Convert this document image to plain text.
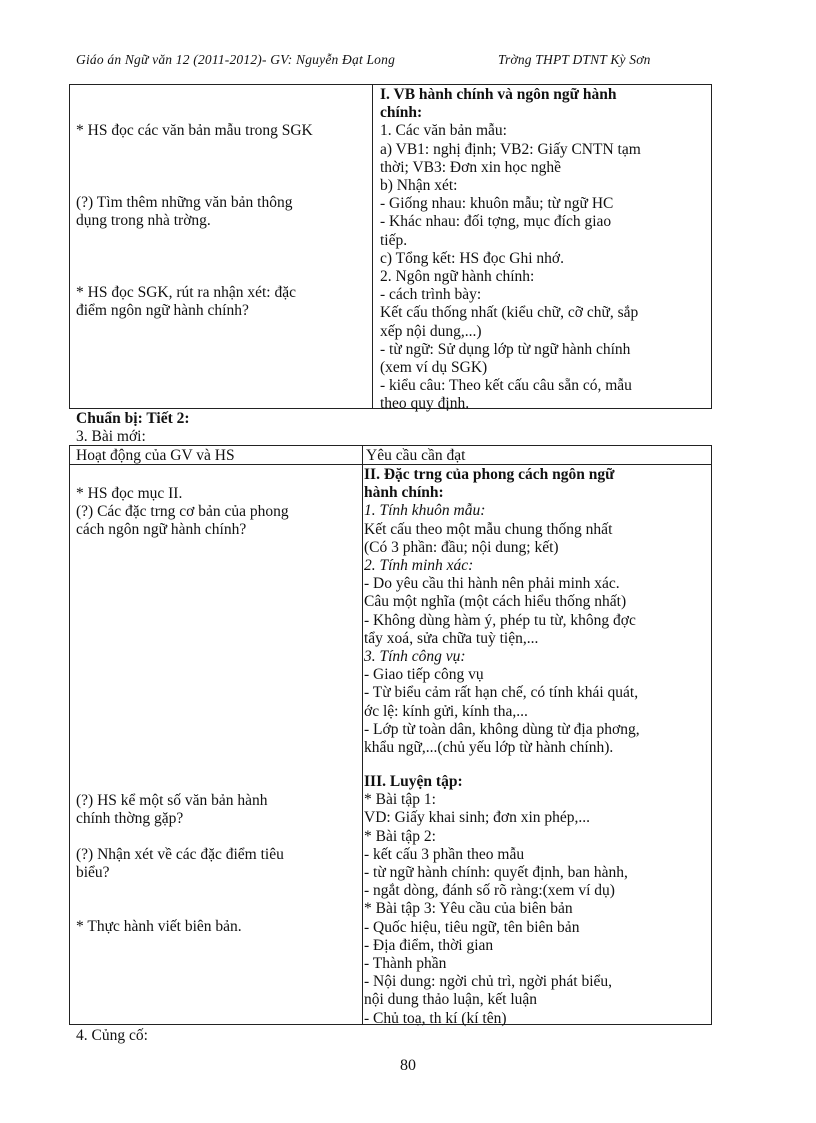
Giáo án Ngữ văn 12 (2011-2012)- GV: Nguyễn Đạt Long	Trờng THPT DTNT Kỳ Sơn
* HS đọc các văn bản mẫu trong SGK
(?) Tìm thêm những văn bản thông
dụng trong nhà trờng.
* HS đọc SGK, rút ra nhận xét: đặc
điểm ngôn ngữ hành chính?
I. VB hành chính và ngôn ngữ hành
chính:
1. Các văn bản mẫu:
a) VB1: nghị định; VB2: Giấy CNTN tạm
thời; VB3: Đơn xin học nghề
b) Nhận xét:
- Giống nhau: khuôn mẫu; từ ngữ HC
- Khác nhau: đối tợng, mục đích giao
tiếp.
c) Tổng kết: HS đọc Ghi nhớ.
2. Ngôn ngữ hành chính:
- cách trình bày:
Kết cấu thống nhất (kiểu chữ, cỡ chữ, sắp
xếp nội dung,...)
- từ ngữ: Sử dụng lớp từ ngữ hành chính
(xem ví dụ SGK)
- kiểu câu: Theo kết cấu câu sẵn có, mẫu
theo quy định.
Chuẩn bị: Tiết 2:
3. Bài mới:
Hoạt động của GV và HS	Yêu cầu cần đạt
* HS đọc mục II.
(?) Các đặc trng cơ bản của phong
cách ngôn ngữ hành chính?
(?) HS kể một số văn bản hành
chính thờng gặp?
(?) Nhận xét về các đặc điểm tiêu
biểu?
* Thực hành viết biên bản.
II. Đặc trng của phong cách ngôn ngữ
hành chính:
1. Tính khuôn mẫu:
Kết cấu theo một mẫu chung thống nhất
(Có 3 phần: đầu; nội dung; kết)
2. Tính minh xác:
- Do yêu cầu thi hành nên phải minh xác.
Câu một nghĩa (một cách hiểu thống nhất)
- Không dùng hàm ý, phép tu từ, không đợc
tẩy xoá, sửa chữa tuỳ tiện,...
3. Tính công vụ:
- Giao tiếp công vụ
- Từ biểu cảm rất hạn chế, có tính khái quát,
ớc lệ: kính gửi, kính tha,...
- Lớp từ toàn dân, không dùng từ địa phơng,
khẩu ngữ,...(chủ yếu lớp từ hành chính).
III. Luyện tập:
* Bài tập 1:
VD: Giấy khai sinh; đơn xin phép,...
* Bài tập 2:
- kết cấu 3 phần theo mẫu
- từ ngữ hành chính: quyết định, ban hành,
- ngắt dòng, đánh số rõ ràng:(xem ví dụ)
* Bài tập 3: Yêu cầu của biên bản
- Quốc hiệu, tiêu ngữ, tên biên bản
- Địa điểm, thời gian
- Thành phần
- Nội dung: ngời chủ trì, ngời phát biểu,
nội dung thảo luận, kết luận
- Chủ toạ, th kí (kí tên)
4. Củng cố:
80
